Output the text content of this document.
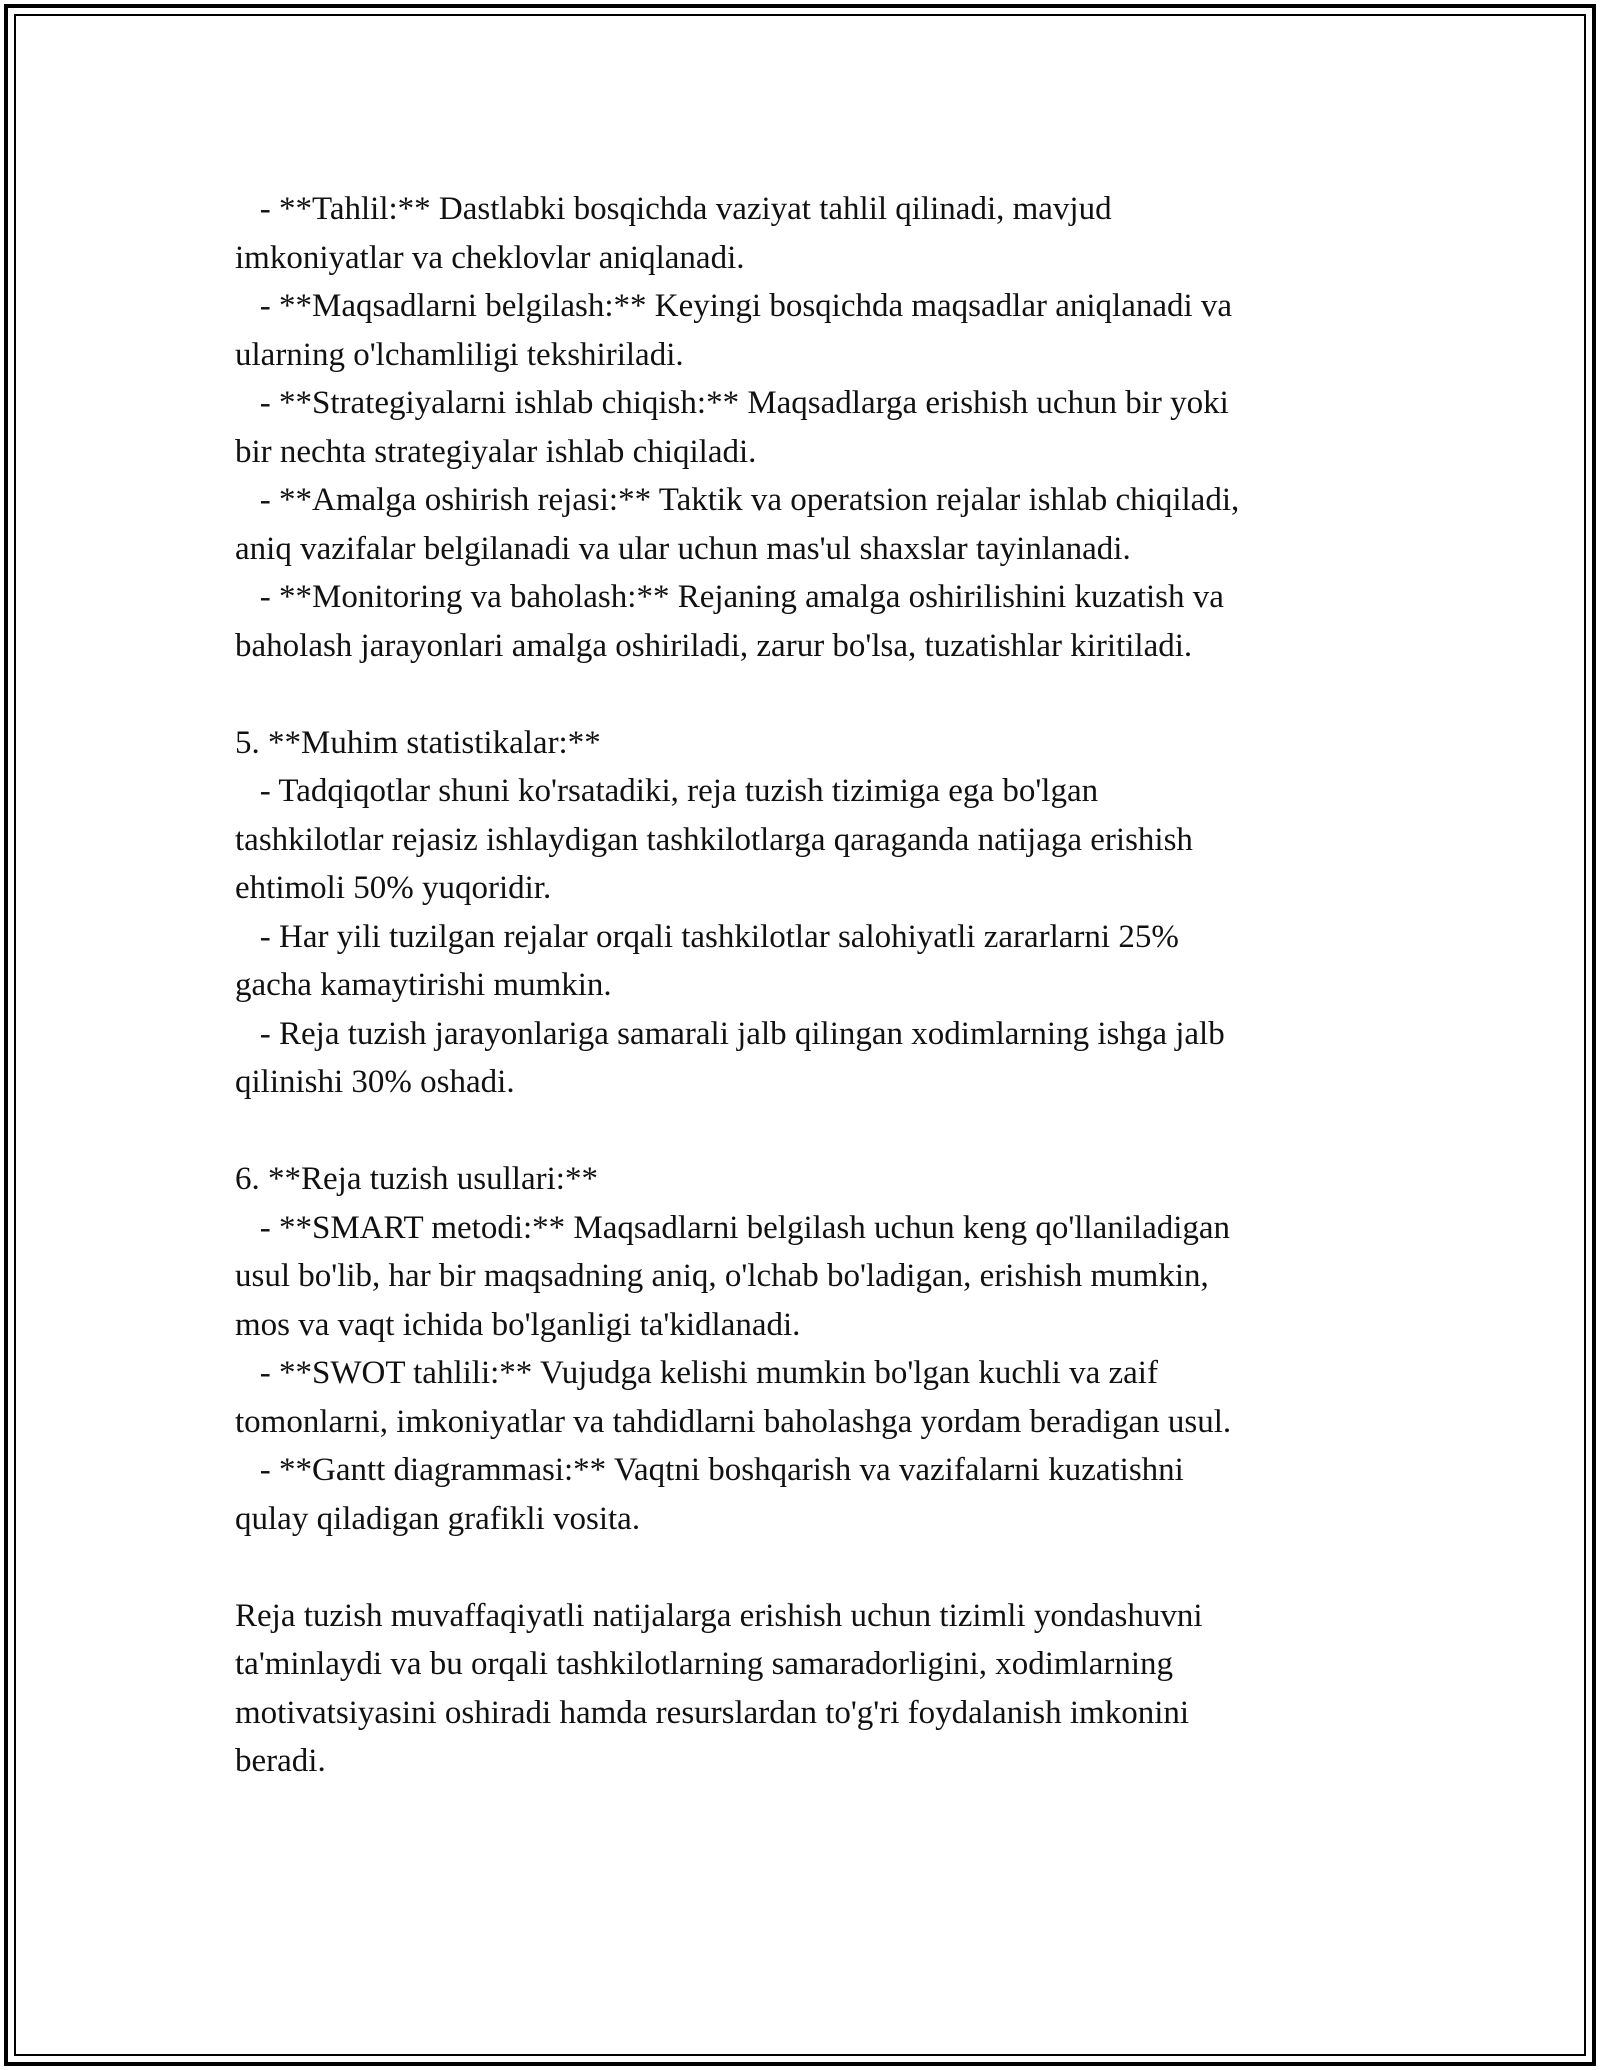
- **Tahlil:** Dastlabki bosqichda vaziyat tahlil qilinadi, mavjud
imkoniyatlar va cheklovlar aniqlanadi.
- **Maqsadlarni belgilash:** Keyingi bosqichda maqsadlar aniqlanadi va
ularning o'lchamliligi tekshiriladi.
- **Strategiyalarni ishlab chiqish:** Maqsadlarga erishish uchun bir yoki
bir nechta strategiyalar ishlab chiqiladi.
- **Amalga oshirish rejasi:** Taktik va operatsion rejalar ishlab chiqiladi,
aniq vazifalar belgilanadi va ular uchun mas'ul shaxslar tayinlanadi.
- **Monitoring va baholash:** Rejaning amalga oshirilishini kuzatish va
baholash jarayonlari amalga oshiriladi, zarur bo'lsa, tuzatishlar kiritiladi.
5. **Muhim statistikalar:**
- Tadqiqotlar shuni ko'rsatadiki, reja tuzish tizimiga ega bo'lgan
tashkilotlar rejasiz ishlaydigan tashkilotlarga qaraganda natijaga erishish
ehtimoli 50% yuqoridir.
- Har yili tuzilgan rejalar orqali tashkilotlar salohiyatli zararlarni 25%
gacha kamaytirishi mumkin.
- Reja tuzish jarayonlariga samarali jalb qilingan xodimlarning ishga jalb
qilinishi 30% oshadi.
6. **Reja tuzish usullari:**
- **SMART metodi:** Maqsadlarni belgilash uchun keng qo'llaniladigan
usul bo'lib, har bir maqsadning aniq, o'lchab bo'ladigan, erishish mumkin,
mos va vaqt ichida bo'lganligi ta'kidlanadi.
- **SWOT tahlili:** Vujudga kelishi mumkin bo'lgan kuchli va zaif
tomonlarni, imkoniyatlar va tahdidlarni baholashga yordam beradigan usul.
- **Gantt diagrammasi:** Vaqtni boshqarish va vazifalarni kuzatishni
qulay qiladigan grafikli vosita.
Reja tuzish muvaffaqiyatli natijalarga erishish uchun tizimli yondashuvni
ta'minlaydi va bu orqali tashkilotlarning samaradorligini, xodimlarning
motivatsiyasini oshiradi hamda resurslardan to'g'ri foydalanish imkonini
beradi.
